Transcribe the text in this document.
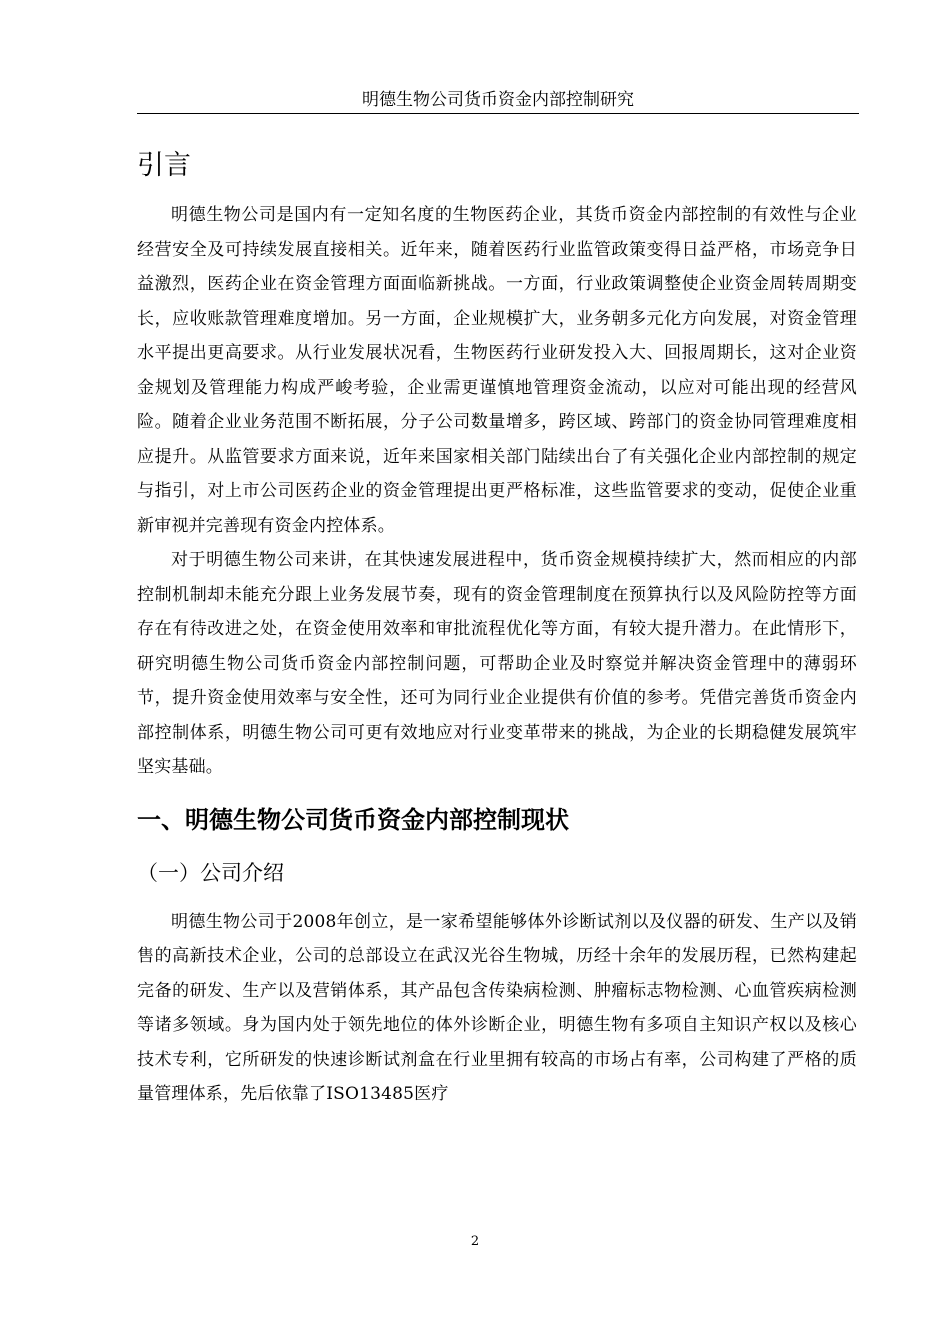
明德生物公司货币资金内部控制研究
引言

明德生物公司是国内有一定知名度的生物医药企业，其货币资金内部控制的有效性与企业经营安全及可持续发展直接相关。近年来，随着医药行业监管政策变得日益严格，市场竞争日益激烈，医药企业在资金管理方面面临新挑战。一方面，行业政策调整使企业资金周转周期变长，应收账款管理难度增加。另一方面，企业规模扩大，业务朝多元化方向发展，对资金管理水平提出更高要求。从行业发展状况看，生物医药行业研发投入大、回报周期长，这对企业资金规划及管理能力构成严峻考验，企业需更谨慎地管理资金流动，以应对可能出现的经营风险。随着企业业务范围不断拓展，分子公司数量增多，跨区域、跨部门的资金协同管理难度相应提升。从监管要求方面来说，近年来国家相关部门陆续出台了有关强化企业内部控制的规定与指引，对上市公司医药企业的资金管理提出更严格标准，这些监管要求的变动，促使企业重新审视并完善现有资金内控体系。

对于明德生物公司来讲，在其快速发展进程中，货币资金规模持续扩大，然而相应的内部控制机制却未能充分跟上业务发展节奏，现有的资金管理制度在预算执行以及风险防控等方面存在有待改进之处，在资金使用效率和审批流程优化等方面，有较大提升潜力。在此情形下，研究明德生物公司货币资金内部控制问题，可帮助企业及时察觉并解决资金管理中的薄弱环节，提升资金使用效率与安全性，还可为同行业企业提供有价值的参考。凭借完善货币资金内部控制体系，明德生物公司可更有效地应对行业变革带来的挑战，为企业的长期稳健发展筑牢坚实基础。

一、明德生物公司货币资金内部控制现状
（一）公司介绍

明德生物公司于2008年创立，是一家希望能够体外诊断试剂以及仪器的研发、生产以及销售的高新技术企业，公司的总部设立在武汉光谷生物城，历经十余年的发展历程，已然构建起完备的研发、生产以及营销体系，其产品包含传染病检测、肿瘤标志物检测、心血管疾病检测等诸多领域。身为国内处于领先地位的体外诊断企业，明德生物有多项自主知识产权以及核心技术专利，它所研发的快速诊断试剂盒在行业里拥有较高的市场占有率，公司构建了严格的质量管理体系，先后依靠了ISO13485医疗

2
